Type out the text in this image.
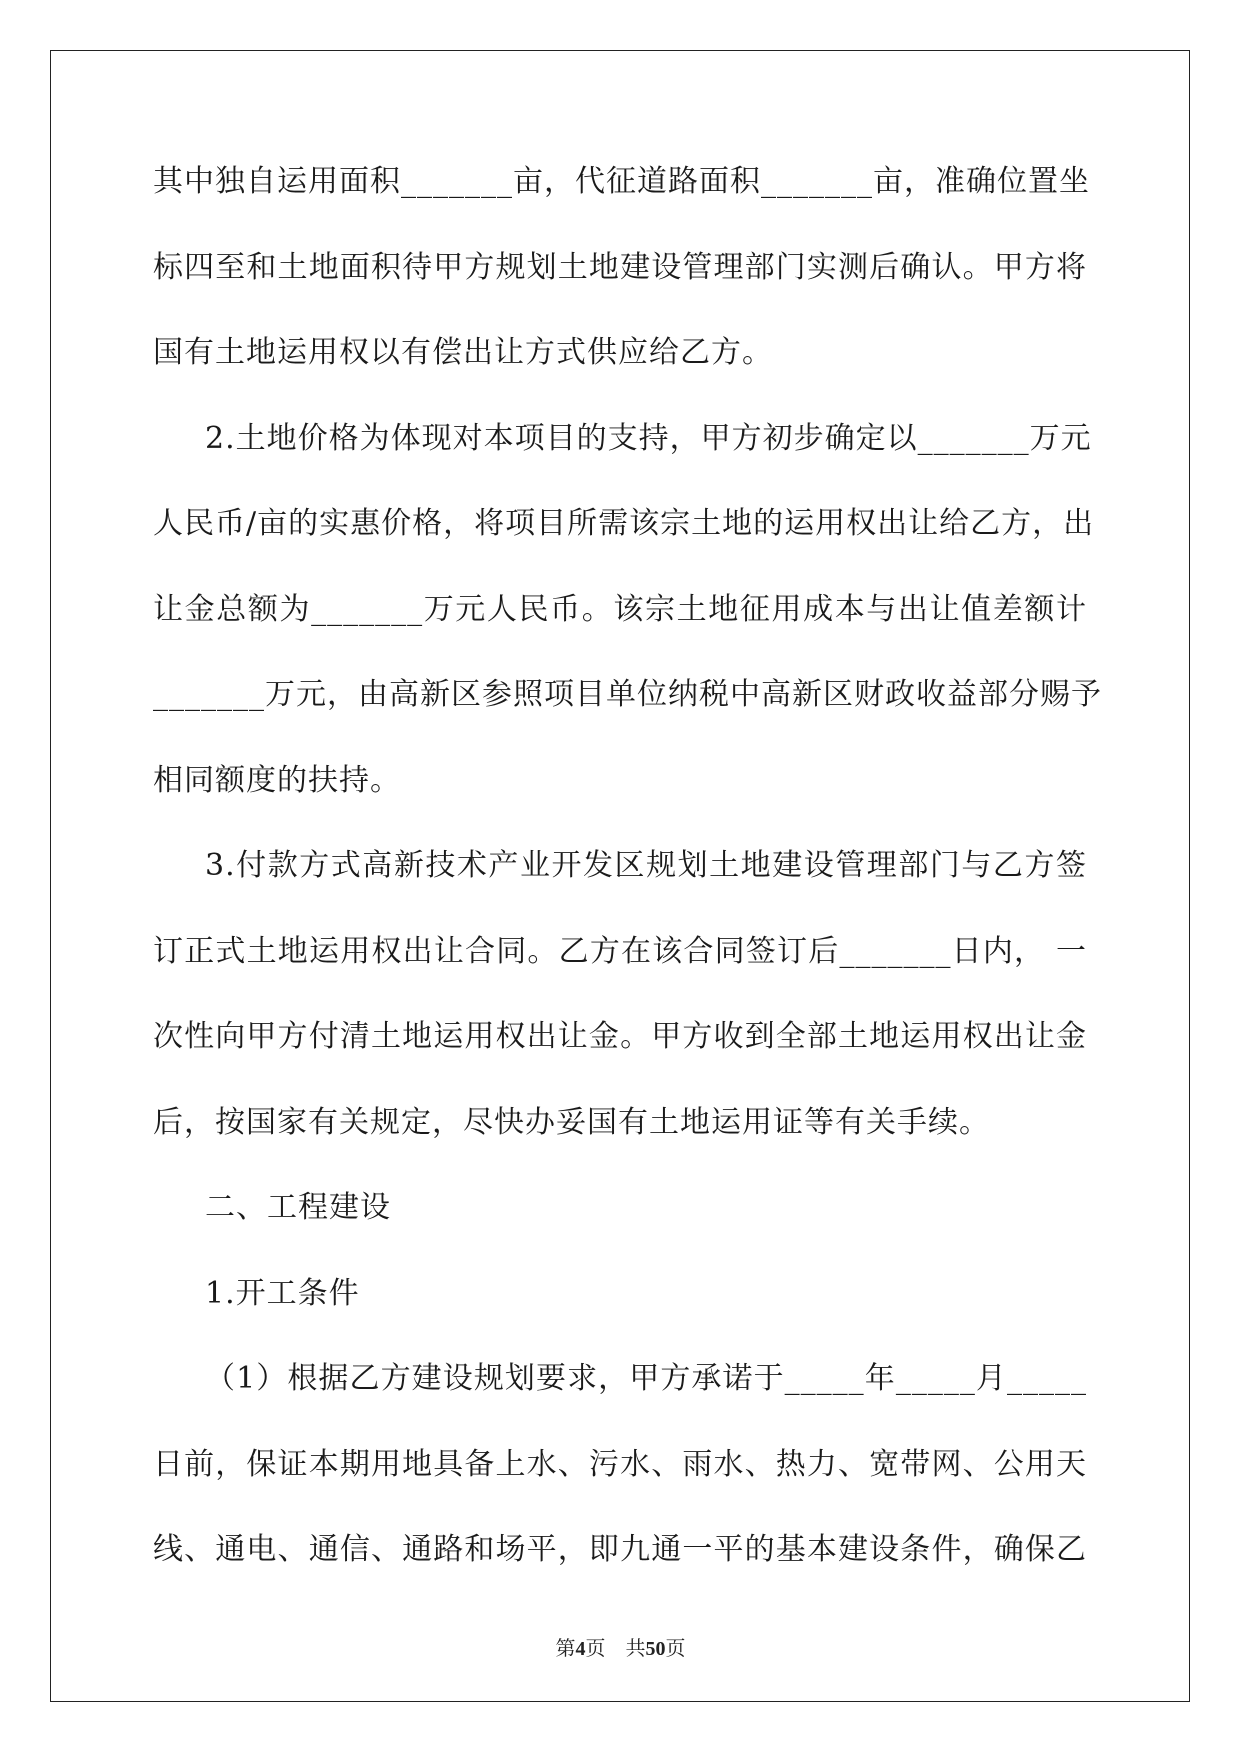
其中独自运用面积_______亩，代征道路面积_______亩，准确位置坐
标四至和土地面积待甲方规划土地建设管理部门实测后确认。甲方将
国有土地运用权以有偿出让方式供应给乙方。
2.土地价格为体现对本项目的支持，甲方初步确定以_______万元
人民币/亩的实惠价格，将项目所需该宗土地的运用权出让给乙方，出
让金总额为_______万元人民币。该宗土地征用成本与出让值差额计
_______万元，由高新区参照项目单位纳税中高新区财政收益部分赐予
相同额度的扶持。
3.付款方式高新技术产业开发区规划土地建设管理部门与乙方签
订正式土地运用权出让合同。乙方在该合同签订后_______日内， 一
次性向甲方付清土地运用权出让金。甲方收到全部土地运用权出让金
后，按国家有关规定，尽快办妥国有土地运用证等有关手续。
二、工程建设
1.开工条件
（1）根据乙方建设规划要求，甲方承诺于_____年_____月_____
日前，保证本期用地具备上水、污水、雨水、热力、宽带网、公用天
线、通电、通信、通路和场平，即九通一平的基本建设条件，确保乙
第4页　共50页
